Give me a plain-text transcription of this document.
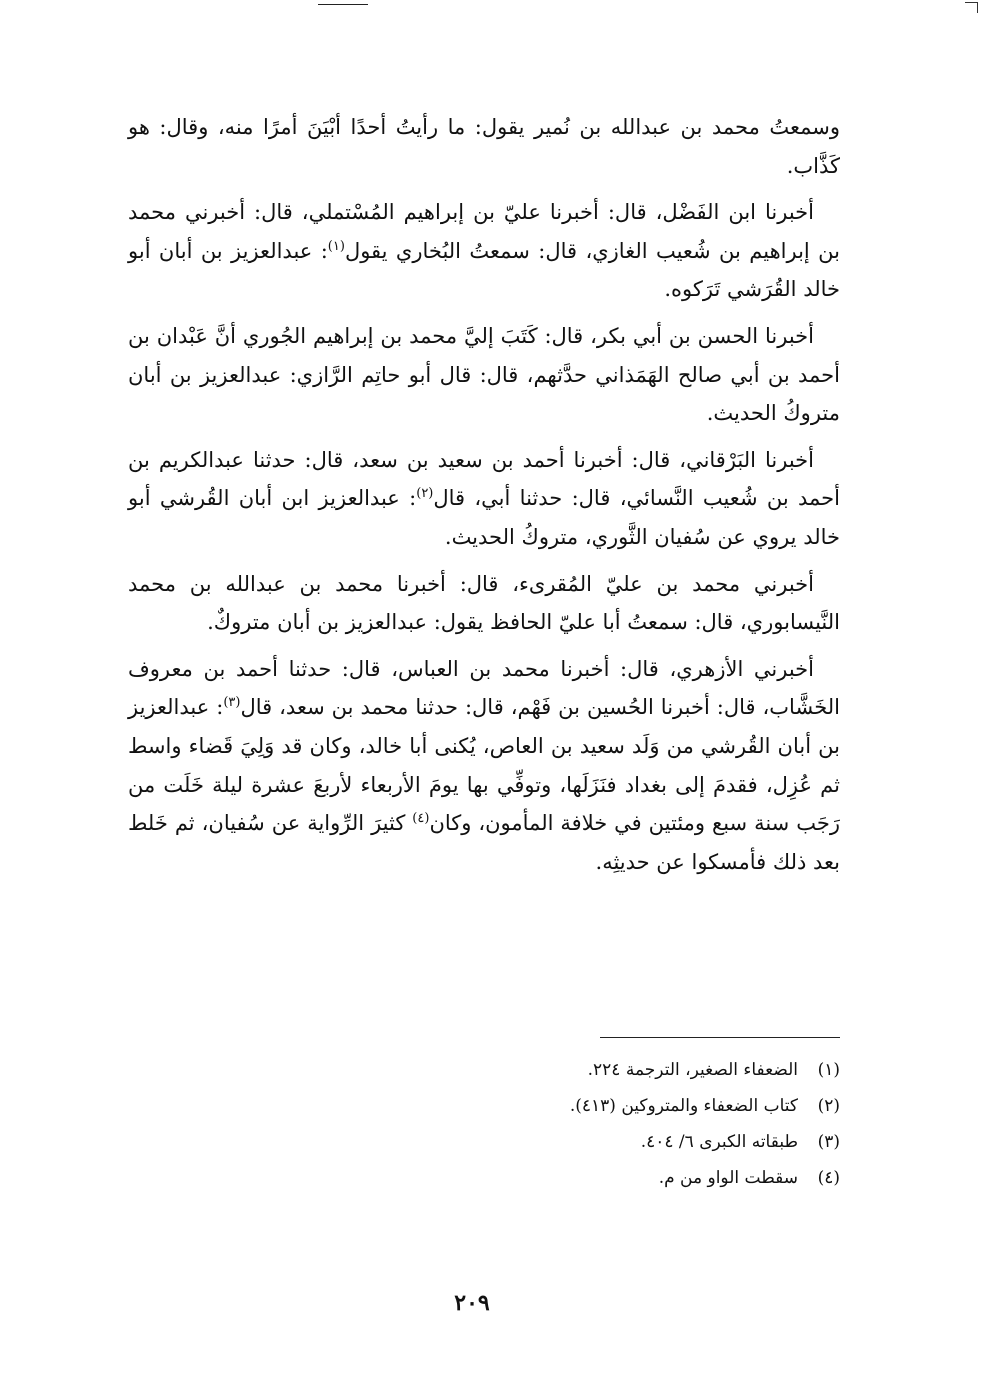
وسمعتُ محمد بن عبدالله بن نُمير يقول: ما رأيتُ أحدًا أبْيَنَ أمرًا منه، وقال: هو كَذَّاب.

أخبرنا ابن الفَضْل، قال: أخبرنا عليّ بن إبراهيم المُسْتملي، قال: أخبرني محمد بن إبراهيم بن شُعيب الغازي، قال: سمعتُ البُخاري يقول$^{(١)}$: عبدالعزيز بن أبان أبو خالد القُرَشي تَرَكوه.

أخبرنا الحسن بن أبي بكر، قال: كَتَبَ إليَّ محمد بن إبراهيم الجُوري أنَّ عَبْدان بن أحمد بن أبي صالح الهَمَذاني حدَّثهم، قال: قال أبو حاتِم الرَّازي: عبدالعزيز بن أبان متروكُ الحديث.

أخبرنا البَرْقاني، قال: أخبرنا أحمد بن سعيد بن سعد، قال: حدثنا عبدالكريم بن أحمد بن شُعيب النَّسائي، قال: حدثنا أبي، قال$^{(٢)}$: عبدالعزيز ابن أبان القُرشي أبو خالد يروي عن سُفيان الثَّوري، متروكُ الحديث.

أخبرني محمد بن عليّ المُقرىء، قال: أخبرنا محمد بن عبدالله بن محمد النَّيسابوري، قال: سمعتُ أبا عليّ الحافظ يقول: عبدالعزيز بن أبان متروكٌ.

أخبرني الأزهري، قال: أخبرنا محمد بن العباس، قال: حدثنا أحمد بن معروف الخَشَّاب، قال: أخبرنا الحُسين بن فَهْم، قال: حدثنا محمد بن سعد، قال$^{(٣)}$: عبدالعزيز بن أبان القُرشي من وَلَد سعيد بن العاص، يُكنى أبا خالد، وكان قد وَلِيَ قَضاء واسط ثم عُزِل، فقدمَ إلى بغداد فنَزَلَها، وتوفِّي بها يومَ الأربعاء لأربعَ عشرة ليلة خَلَت من رَجَب سنة سبع ومئتين في خلافة المأمون، وكان$^{(٤)}$ كثيرَ الرِّواية عن سُفيان، ثم خَلط بعد ذلك فأمسكوا عن حديثِه.

(١)
الضعفاء الصغير، الترجمة ٢٢٤.
(٢)
كتاب الضعفاء والمتروكين (٤١٣).
(٣)
طبقاته الكبرى ٦/ ٤٠٤.
(٤)
سقطت الواو من م.
٢٠٩
